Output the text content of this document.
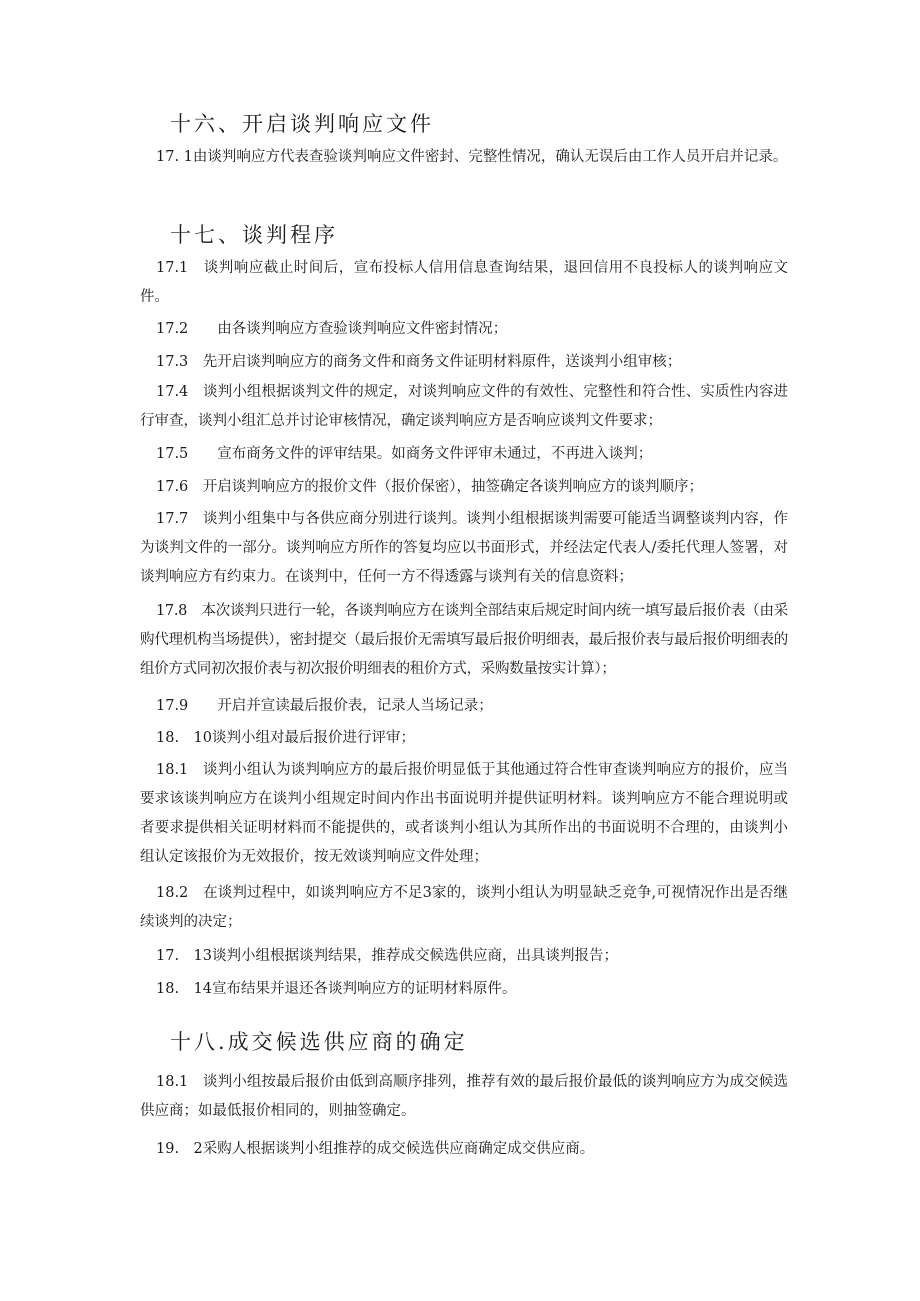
十六、开启谈判响应文件
17. 1由谈判响应方代表查验谈判响应文件密封、完整性情况，确认无误后由工作人员开启并记录。
十七、谈判程序
17.1　谈判响应截止时间后，宣布投标人信用信息查询结果，退回信用不良投标人的谈判响应文件。
17.2　　由各谈判响应方查验谈判响应文件密封情况；
17.3　先开启谈判响应方的商务文件和商务文件证明材料原件，送谈判小组审核；
17.4　谈判小组根据谈判文件的规定，对谈判响应文件的有效性、完整性和符合性、实质性内容进行审查，谈判小组汇总并讨论审核情况，确定谈判响应方是否响应谈判文件要求；
17.5　　宣布商务文件的评审结果。如商务文件评审未通过，不再进入谈判；
17.6　开启谈判响应方的报价文件（报价保密），抽签确定各谈判响应方的谈判顺序；
17.7　谈判小组集中与各供应商分别进行谈判。谈判小组根据谈判需要可能适当调整谈判内容，作为谈判文件的一部分。谈判响应方所作的答复均应以书面形式，并经法定代表人/委托代理人签署，对谈判响应方有约束力。在谈判中，任何一方不得透露与谈判有关的信息资料；
17.8　本次谈判只进行一轮，各谈判响应方在谈判全部结束后规定时间内统一填写最后报价表（由采购代理机构当场提供），密封提交（最后报价无需填写最后报价明细表，最后报价表与最后报价明细表的组价方式同初次报价表与初次报价明细表的租价方式，采购数量按实计算）；
17.9　　开启并宣读最后报价表，记录人当场记录；
18.　10谈判小组对最后报价进行评审；
18.1　谈判小组认为谈判响应方的最后报价明显低于其他通过符合性审查谈判响应方的报价，应当要求该谈判响应方在谈判小组规定时间内作出书面说明并提供证明材料。谈判响应方不能合理说明或者要求提供相关证明材料而不能提供的，或者谈判小组认为其所作出的书面说明不合理的，由谈判小组认定该报价为无效报价，按无效谈判响应文件处理；
18.2　在谈判过程中，如谈判响应方不足3家的，谈判小组认为明显缺乏竞争,可视情况作出是否继续谈判的决定；
17.　13谈判小组根据谈判结果，推荐成交候选供应商，出具谈判报告；
18.　14宣布结果并退还各谈判响应方的证明材料原件。
十八.成交候选供应商的确定
18.1　谈判小组按最后报价由低到高顺序排列，推荐有效的最后报价最低的谈判响应方为成交候选供应商；如最低报价相同的，则抽签确定。
19.　2采购人根据谈判小组推荐的成交候选供应商确定成交供应商。
